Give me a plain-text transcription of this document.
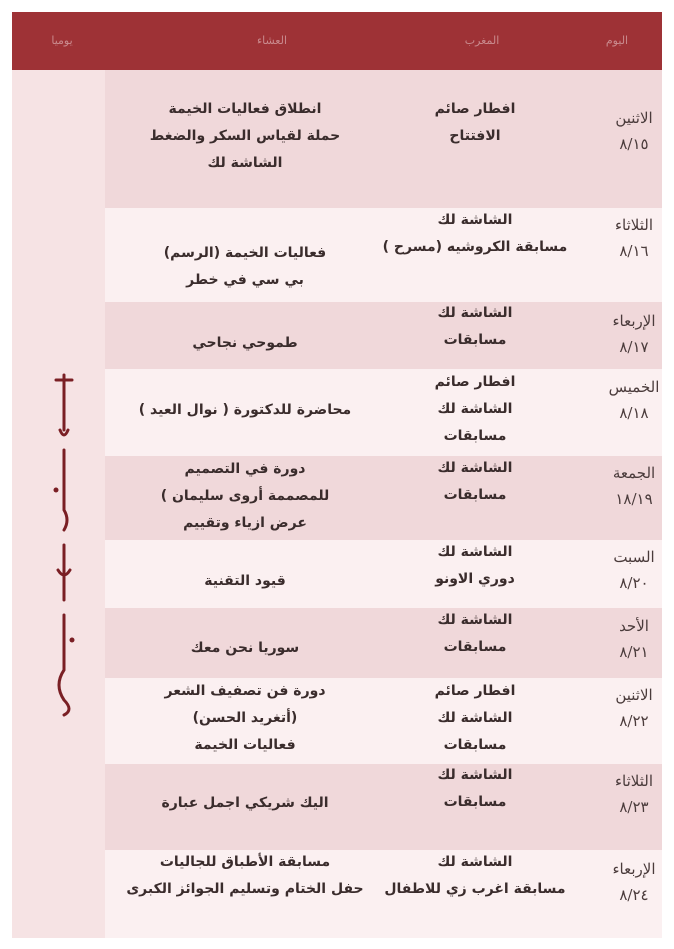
اليوم
المغرب
العشاء
يوميا
الاثنين
٨/١٥
افطار صائم
الافتتاح
انطلاق فعاليات الخيمة
حملة لقياس السكر والضغط
الشاشة لك
الثلاثاء
٨/١٦
الشاشة لك
مسابقة الكروشيه (مسرح )
فعاليات الخيمة (الرسم)
بي سي في خطر
الإربعاء
٨/١٧
الشاشة لك
مسابقات
طموحي نجاحي
الخميس
٨/١٨
افطار صائم
الشاشة لك
مسابقات
محاضرة للدكتورة ( نوال العيد )
الجمعة
١٨/١٩
الشاشة لك
مسابقات
دورة في التصميم
للمصممة أروى سليمان )
عرض ازياء وتقييم
السبت
٨/٢٠
الشاشة لك
دوري الاونو
قيود التقنية
الأحد
٨/٢١
الشاشة لك
مسابقات
سوريا نحن معك
الاثنين
٨/٢٢
افطار صائم
الشاشة لك
مسابقات
دورة فن تصفيف الشعر
(أتغريد الحسن)
فعاليات الخيمة
الثلاثاء
٨/٢٣
الشاشة لك
مسابقات
اليك شريكي اجمل عبارة
الإربعاء
٨/٢٤
الشاشة لك
مسابقة اغرب زي للاطفال
مسابقة الأطباق للجاليات
حفل الختام وتسليم الجوائز الكبرى
